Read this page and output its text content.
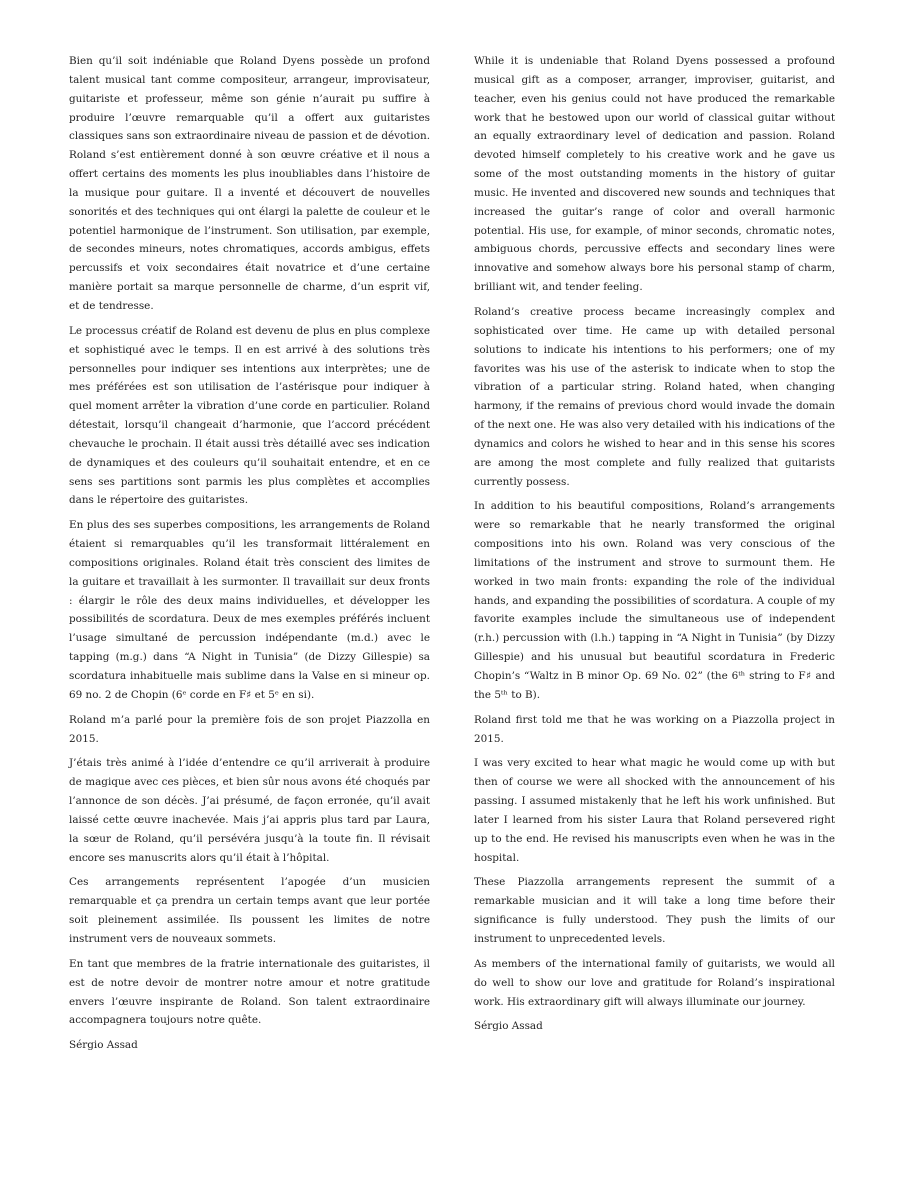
Bien qu’il soit indéniable que Roland Dyens possède un profond talent musical tant comme compositeur, arrangeur, improvisateur, guitariste et professeur, même son génie n’aurait pu suffire à produire l’œuvre remarquable qu’il a offert aux guitaristes classiques sans son extraordinaire niveau de passion et de dévotion. Roland s’est entièrement donné à son œuvre créative et il nous a offert certains des moments les plus inoubliables dans l’histoire de la musique pour guitare. Il a inventé et découvert de nouvelles sonorités et des techniques qui ont élargi la palette de couleur et le potentiel harmonique de l’instrument. Son utilisation, par exemple, de secondes mineurs, notes chromatiques, accords ambigus, effets percussifs et voix secondaires était novatrice et d’une certaine manière portait sa marque personnelle de charme, d’un esprit vif, et de tendresse.

Le processus créatif de Roland est devenu de plus en plus complexe et sophistiqué avec le temps. Il en est arrivé à des solutions très personnelles pour indiquer ses intentions aux interprètes; une de mes préférées est son utilisation de l’astérisque pour indiquer à quel moment arrêter la vibration d’une corde en particulier. Roland détestait, lorsqu’il changeait d’harmonie, que l’accord précédent chevauche le prochain. Il était aussi très détaillé avec ses indication de dynamiques et des couleurs qu’il souhaitait entendre, et en ce sens ses partitions sont parmis les plus complètes et accomplies dans le répertoire des guitaristes.

En plus des ses superbes compositions, les arrangements de Roland étaient si remarquables qu’il les transformait littéralement en compositions originales. Roland était très conscient des limites de la guitare et travaillait à les surmonter. Il travaillait sur deux fronts : élargir le rôle des deux mains individuelles, et développer les possibilités de scordatura. Deux de mes exemples préférés incluent l’usage simultané de percussion indépendante (m.d.) avec le tapping (m.g.) dans “A Night in Tunisia” (de Dizzy Gillespie) sa scordatura inhabituelle mais sublime dans la Valse en si mineur op. 69 no. 2 de Chopin (6ᵉ corde en F♯ et 5ᵉ en si).

Roland m’a parlé pour la première fois de son projet Piazzolla en 2015.

J’étais très animé à l’idée d’entendre ce qu’il arriverait à produire de magique avec ces pièces, et bien sûr nous avons été choqués par l’annonce de son décès. J’ai présumé, de façon erronée, qu’il avait laissé cette œuvre inachevée. Mais j’ai appris plus tard par Laura, la sœur de Roland, qu’il persévéra jusqu’à la toute fin. Il révisait encore ses manuscrits alors qu’il était à l’hôpital.

Ces arrangements représentent l’apogée d’un musicien remarquable et ça prendra un certain temps avant que leur portée soit pleinement assimilée. Ils poussent les limites de notre instrument vers de nouveaux sommets.

En tant que membres de la fratrie internationale des guitaristes, il est de notre devoir de montrer notre amour et notre gratitude envers l’œuvre inspirante de Roland. Son talent extraordinaire accompagnera toujours notre quête.

Sérgio Assad

While it is undeniable that Roland Dyens possessed a profound musical gift as a composer, arranger, improviser, guitarist, and teacher, even his genius could not have produced the remarkable work that he bestowed upon our world of classical guitar without an equally extraordinary level of dedication and passion. Roland devoted himself completely to his creative work and he gave us some of the most outstanding moments in the history of guitar music. He invented and discovered new sounds and techniques that increased the guitar’s range of color and overall harmonic potential. His use, for example, of minor seconds, chromatic notes, ambiguous chords, percussive effects and secondary lines were innovative and somehow always bore his personal stamp of charm, brilliant wit, and tender feeling.

Roland’s creative process became increasingly complex and sophisticated over time. He came up with detailed personal solutions to indicate his intentions to his performers; one of my favorites was his use of the asterisk to indicate when to stop the vibration of a particular string. Roland hated, when changing harmony, if the remains of previous chord would invade the domain of the next one. He was also very detailed with his indications of the dynamics and colors he wished to hear and in this sense his scores are among the most complete and fully realized that guitarists currently possess.

In addition to his beautiful compositions, Roland’s arrangements were so remarkable that he nearly transformed the original compositions into his own. Roland was very conscious of the limitations of the instrument and strove to surmount them. He worked in two main fronts: expanding the role of the individual hands, and expanding the possibilities of scordatura. A couple of my favorite examples include the simultaneous use of independent (r.h.) percussion with (l.h.) tapping in “A Night in Tunisia” (by Dizzy Gillespie) and his unusual but beautiful scordatura in Frederic Chopin’s “Waltz in B minor Op. 69 No. 02” (the 6ᵗʰ string to F♯ and the 5ᵗʰ to B).

Roland first told me that he was working on a Piazzolla project in 2015.

I was very excited to hear what magic he would come up with but then of course we were all shocked with the announcement of his passing. I assumed mistakenly that he left his work unfinished. But later I learned from his sister Laura that Roland persevered right up to the end. He revised his manuscripts even when he was in the hospital.

These Piazzolla arrangements represent the summit of a remarkable musician and it will take a long time before their significance is fully understood. They push the limits of our instrument to unprecedented levels.

As members of the international family of guitarists, we would all do well to show our love and gratitude for Roland’s inspirational work. His extraordinary gift will always illuminate our journey.

Sérgio Assad
